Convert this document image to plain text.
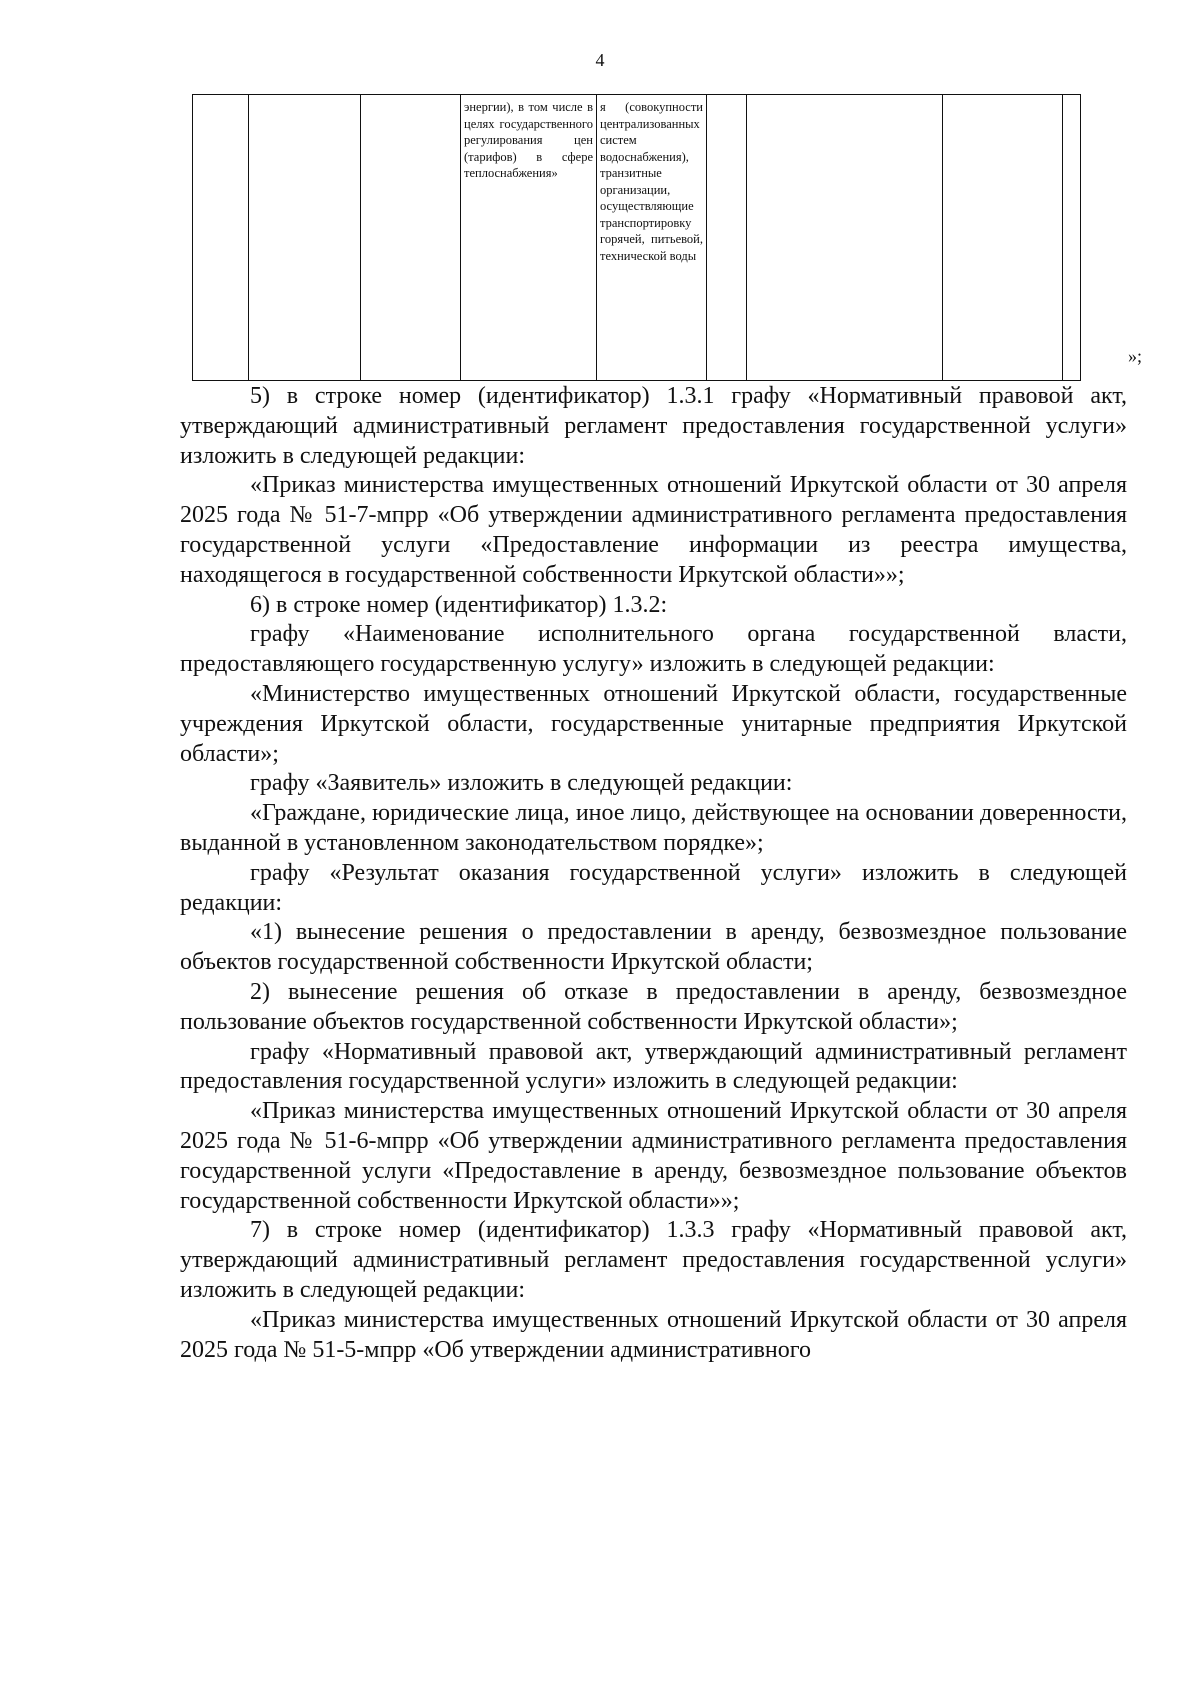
4
			энергии), в том числе в целях государственного регулирования цен (тарифов) в сфере теплоснабжения»	я (совокупности централизованных систем водоснабжения), транзитные организации, осуществляющие транспортировку горячей, питьевой, технической воды				
»;

5) в строке номер (идентификатор) 1.3.1 графу «Нормативный правовой акт, утверждающий административный регламент предоставления государственной услуги» изложить в следующей редакции:

«Приказ министерства имущественных отношений Иркутской области от 30 апреля 2025 года № 51-7-мпрр «Об утверждении административного регламента предоставления государственной услуги «Предоставление информации из реестра имущества, находящегося в государственной собственности Иркутской области»»;

6) в строке номер (идентификатор) 1.3.2:

графу «Наименование исполнительного органа государственной власти, предоставляющего государственную услугу» изложить в следующей редакции:

«Министерство имущественных отношений Иркутской области, государственные учреждения Иркутской области, государственные унитарные предприятия Иркутской области»;

графу «Заявитель» изложить в следующей редакции:

«Граждане, юридические лица, иное лицо, действующее на основании доверенности, выданной в установленном законодательством порядке»;

графу «Результат оказания государственной услуги» изложить в следующей редакции:

«1) вынесение решения о предоставлении в аренду, безвозмездное пользование объектов государственной собственности Иркутской области;

2) вынесение решения об отказе в предоставлении в аренду, безвозмездное пользование объектов государственной собственности Иркутской области»;

графу «Нормативный правовой акт, утверждающий административный регламент предоставления государственной услуги» изложить в следующей редакции:

«Приказ министерства имущественных отношений Иркутской области от 30 апреля 2025 года № 51-6-мпрр «Об утверждении административного регламента предоставления государственной услуги «Предоставление в аренду, безвозмездное пользование объектов государственной собственности Иркутской области»»;

7) в строке номер (идентификатор) 1.3.3 графу «Нормативный правовой акт, утверждающий административный регламент предоставления государственной услуги» изложить в следующей редакции:

«Приказ министерства имущественных отношений Иркутской области от 30 апреля 2025 года № 51-5-мпрр «Об утверждении административного
